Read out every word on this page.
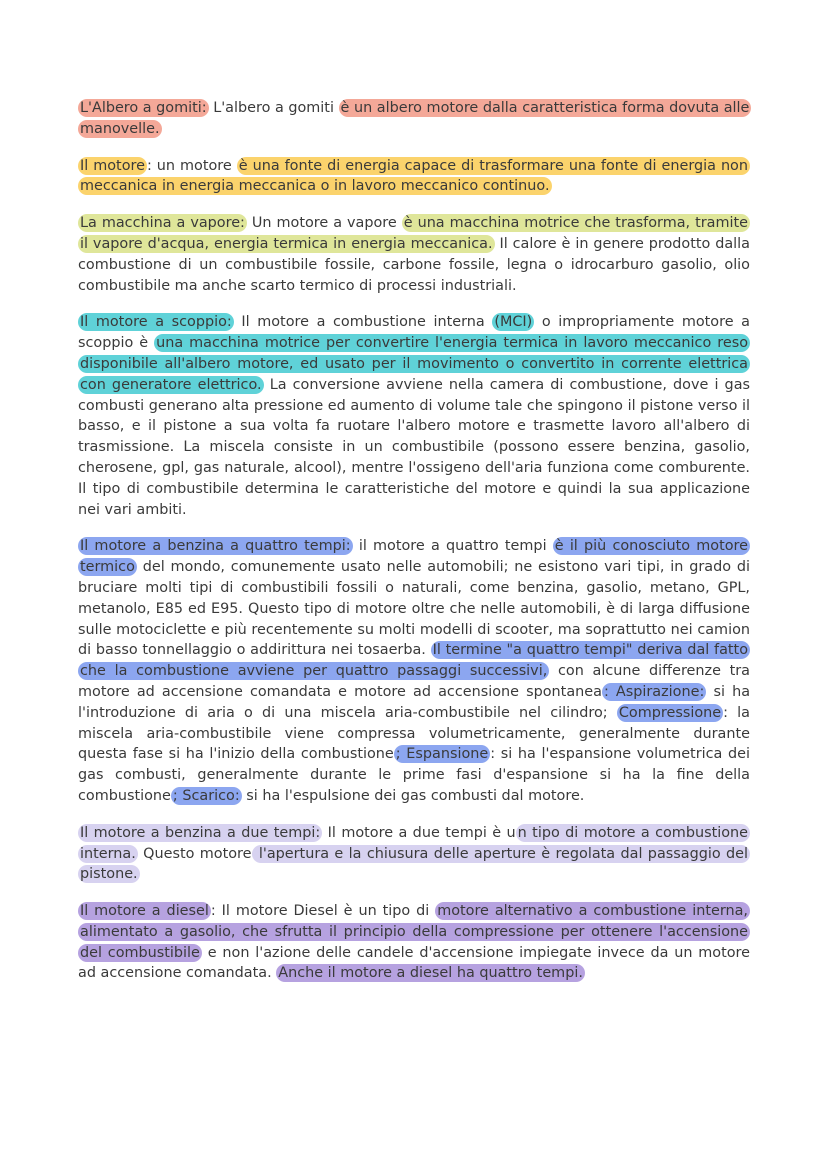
L'Albero a gomiti: L'albero a gomiti è un albero motore dalla caratteristica forma dovuta alle manovelle.

Il motore : un motore è una fonte di energia capace di trasformare una fonte di energia non meccanica in energia meccanica o in lavoro meccanico continuo.

La macchina a vapore: Un motore a vapore è una macchina motrice che trasforma, tramite il vapore d'acqua, energia termica in energia meccanica. Il calore è in genere prodotto dalla combustione di un combustibile fossile, carbone fossile, legna o idrocarburo gasolio, olio combustibile ma anche scarto termico di processi industriali.

Il motore a scoppio: Il motore a combustione interna (MCI) o impropriamente motore a scoppio è una macchina motrice per convertire l'energia termica in lavoro meccanico reso disponibile all'albero motore, ed usato per il movimento o convertito in corrente elettrica con generatore elettrico. La conversione avviene nella camera di combustione, dove i gas combusti generano alta pressione ed aumento di volume tale che spingono il pistone verso il basso, e il pistone a sua volta fa ruotare l'albero motore e trasmette lavoro all'albero di trasmissione. La miscela consiste in un combustibile (possono essere benzina, gasolio, cherosene, gpl, gas naturale, alcool), mentre l'ossigeno dell'aria funziona come comburente. Il tipo di combustibile determina le caratteristiche del motore e quindi la sua applicazione nei vari ambiti.

Il motore a benzina a quattro tempi: il motore a quattro tempi è il più conosciuto motore termico del mondo, comunemente usato nelle automobili; ne esistono vari tipi, in grado di bruciare molti tipi di combustibili fossili o naturali, come benzina, gasolio, metano, GPL, metanolo, E85 ed E95. Questo tipo di motore oltre che nelle automobili, è di larga diffusione sulle motociclette e più recentemente su molti modelli di scooter, ma soprattutto nei camion di basso tonnellaggio o addirittura nei tosaerba. Il termine "a quattro tempi" deriva dal fatto che la combustione avviene per quattro passaggi successivi, con alcune differenze tra motore ad accensione comandata e motore ad accensione spontanea : Aspirazione: si ha l'introduzione di aria o di una miscela aria-combustibile nel cilindro; Compressione : la miscela aria-combustibile viene compressa volumetricamente, generalmente durante questa fase si ha l'inizio della combustione ; Espansione : si ha l'espansione volumetrica dei gas combusti, generalmente durante le prime fasi d'espansione si ha la fine della combustione ; Scarico: si ha l'espulsione dei gas combusti dal motore.

Il motore a benzina a due tempi: Il motore a due tempi è u n tipo di motore a combustione interna. Questo motore l'apertura e la chiusura delle aperture è regolata dal passaggio del pistone.

Il motore a diesel : Il motore Diesel è un tipo di motore alternativo a combustione interna, alimentato a gasolio, che sfrutta il principio della compressione per ottenere l'accensione del combustibile e non l'azione delle candele d'accensione impiegate invece da un motore ad accensione comandata. Anche il motore a diesel ha quattro tempi.
